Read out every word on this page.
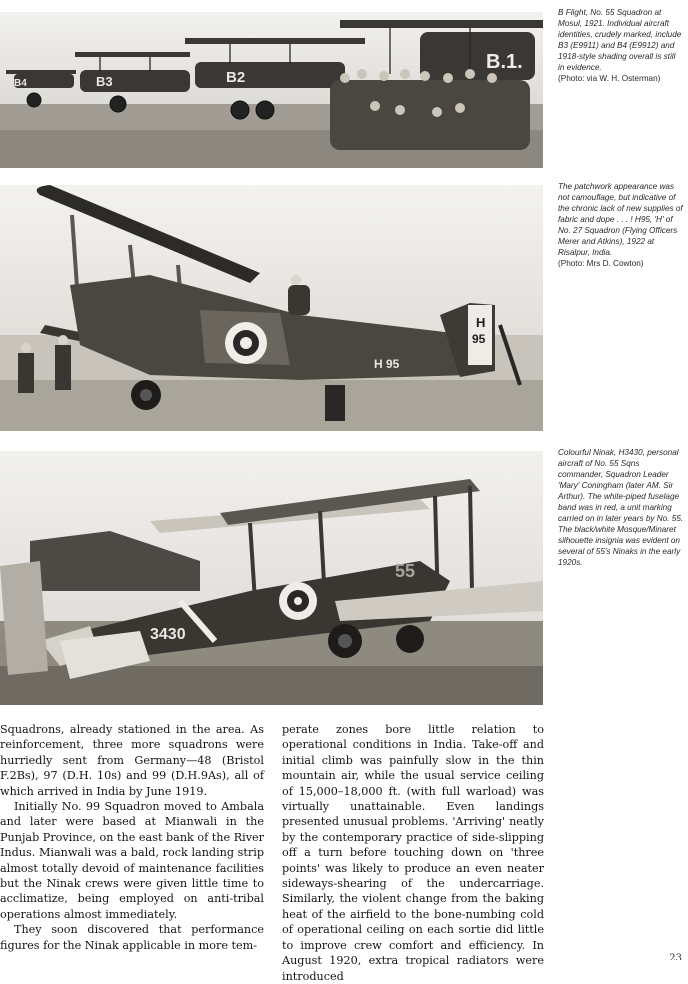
B4	B3	B2
B.1.
B Flight, No. 55 Squadron at Mosul, 1921. Individual aircraft identities, crudely marked, include B3 (E9911) and B4 (E9912) and 1918-style shading overall is still in evidence.
(Photo: via W. H. Osterman)
H
95
H 95
The patchwork appearance was not camouflage, but indicative of the chronic lack of new supplies of fabric and dope . . . ! H95, 'H' of No. 27 Squadron (Flying Officers Merer and Atkins), 1922 at Risalpur, India.
(Photo: Mrs D. Cowton)
55
3430
Colourful Ninak, H3430, personal aircraft of No. 55 Sqns commander, Squadron Leader 'Mary' Coningham (later AM. Sir Arthur). The white-piped fuselage band was in red, a unit marking carried on in later years by No. 55. The black/white Mosque/Minaret silhouette insignia was evident on several of 55's Ninaks in the early 1920s.

Squadrons, already stationed in the area. As reinforcement, three more squadrons were hurriedly sent from Germany—48 (Bristol F.2Bs), 97 (D.H. 10s) and 99 (D.H.9As), all of which arrived in India by June 1919.

Initially No. 99 Squadron moved to Ambala and later were based at Mianwali in the Punjab Province, on the east bank of the River Indus. Mianwali was a bald, rock landing strip almost totally devoid of maintenance facilities but the Ninak crews were given little time to acclimatize, being employed on anti-tribal operations almost immediately.

They soon discovered that performance figures for the Ninak applicable in more tem-

perate zones bore little relation to operational conditions in India. Take-off and initial climb was painfully slow in the thin mountain air, while the usual service ceiling of 15,000–18,000 ft. (with full warload) was virtually unattainable. Even landings presented unusual problems. 'Arriving' neatly by the contemporary practice of side-slipping off a turn before touching down on 'three points' was likely to produce an even neater sideways-shearing of the undercarriage. Similarly, the violent change from the baking heat of the airfield to the bone-numbing cold of operational ceiling on each sortie did little to improve crew comfort and efficiency. In August 1920, extra tropical radiators were introduced

23
